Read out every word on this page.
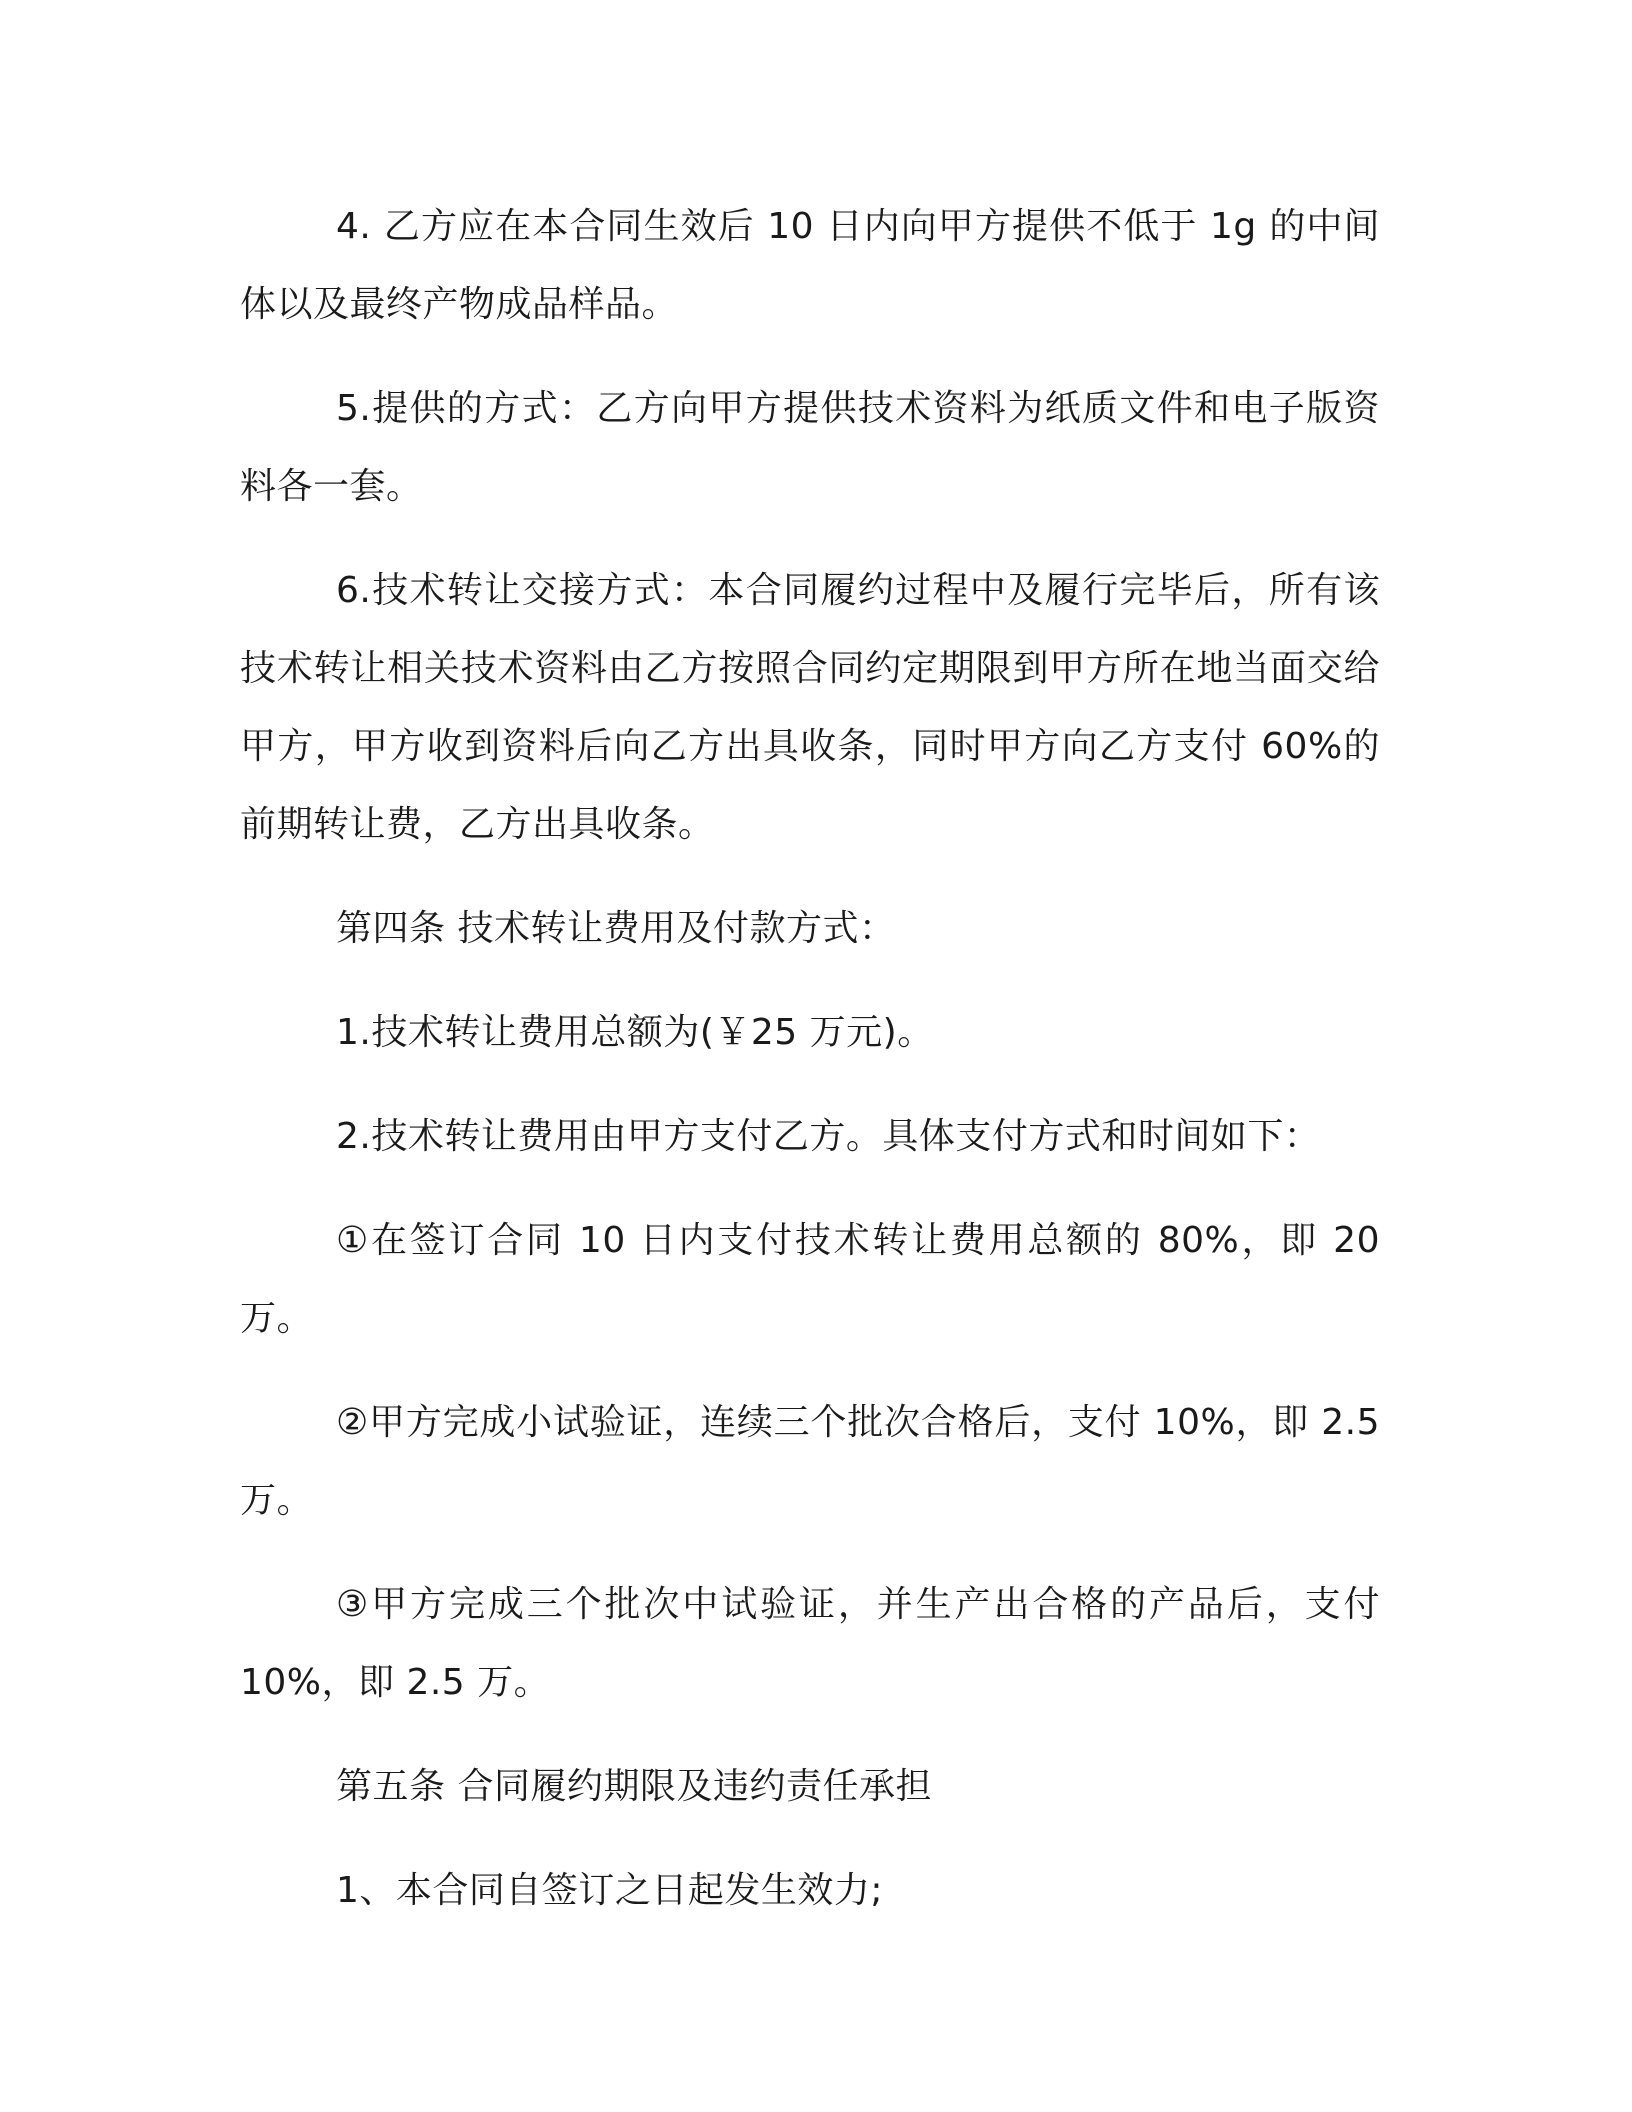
4. 乙方应在本合同生效后 10 日内向甲方提供不低于 1g 的中间体以及最终产物成品样品。

5.提供的方式：乙方向甲方提供技术资料为纸质文件和电子版资料各一套。

6.技术转让交接方式：本合同履约过程中及履行完毕后，所有该技术转让相关技术资料由乙方按照合同约定期限到甲方所在地当面交给甲方，甲方收到资料后向乙方出具收条，同时甲方向乙方支付 60%的前期转让费，乙方出具收条。

第四条 技术转让费用及付款方式：

1.技术转让费用总额为(￥25 万元)。

2.技术转让费用由甲方支付乙方。具体支付方式和时间如下：

①在签订合同 10 日内支付技术转让费用总额的 80%，即 20 万。

②甲方完成小试验证，连续三个批次合格后，支付 10%，即 2.5 万。

③甲方完成三个批次中试验证，并生产出合格的产品后，支付 10%，即 2.5 万。

第五条 合同履约期限及违约责任承担

1、本合同自签订之日起发生效力;
